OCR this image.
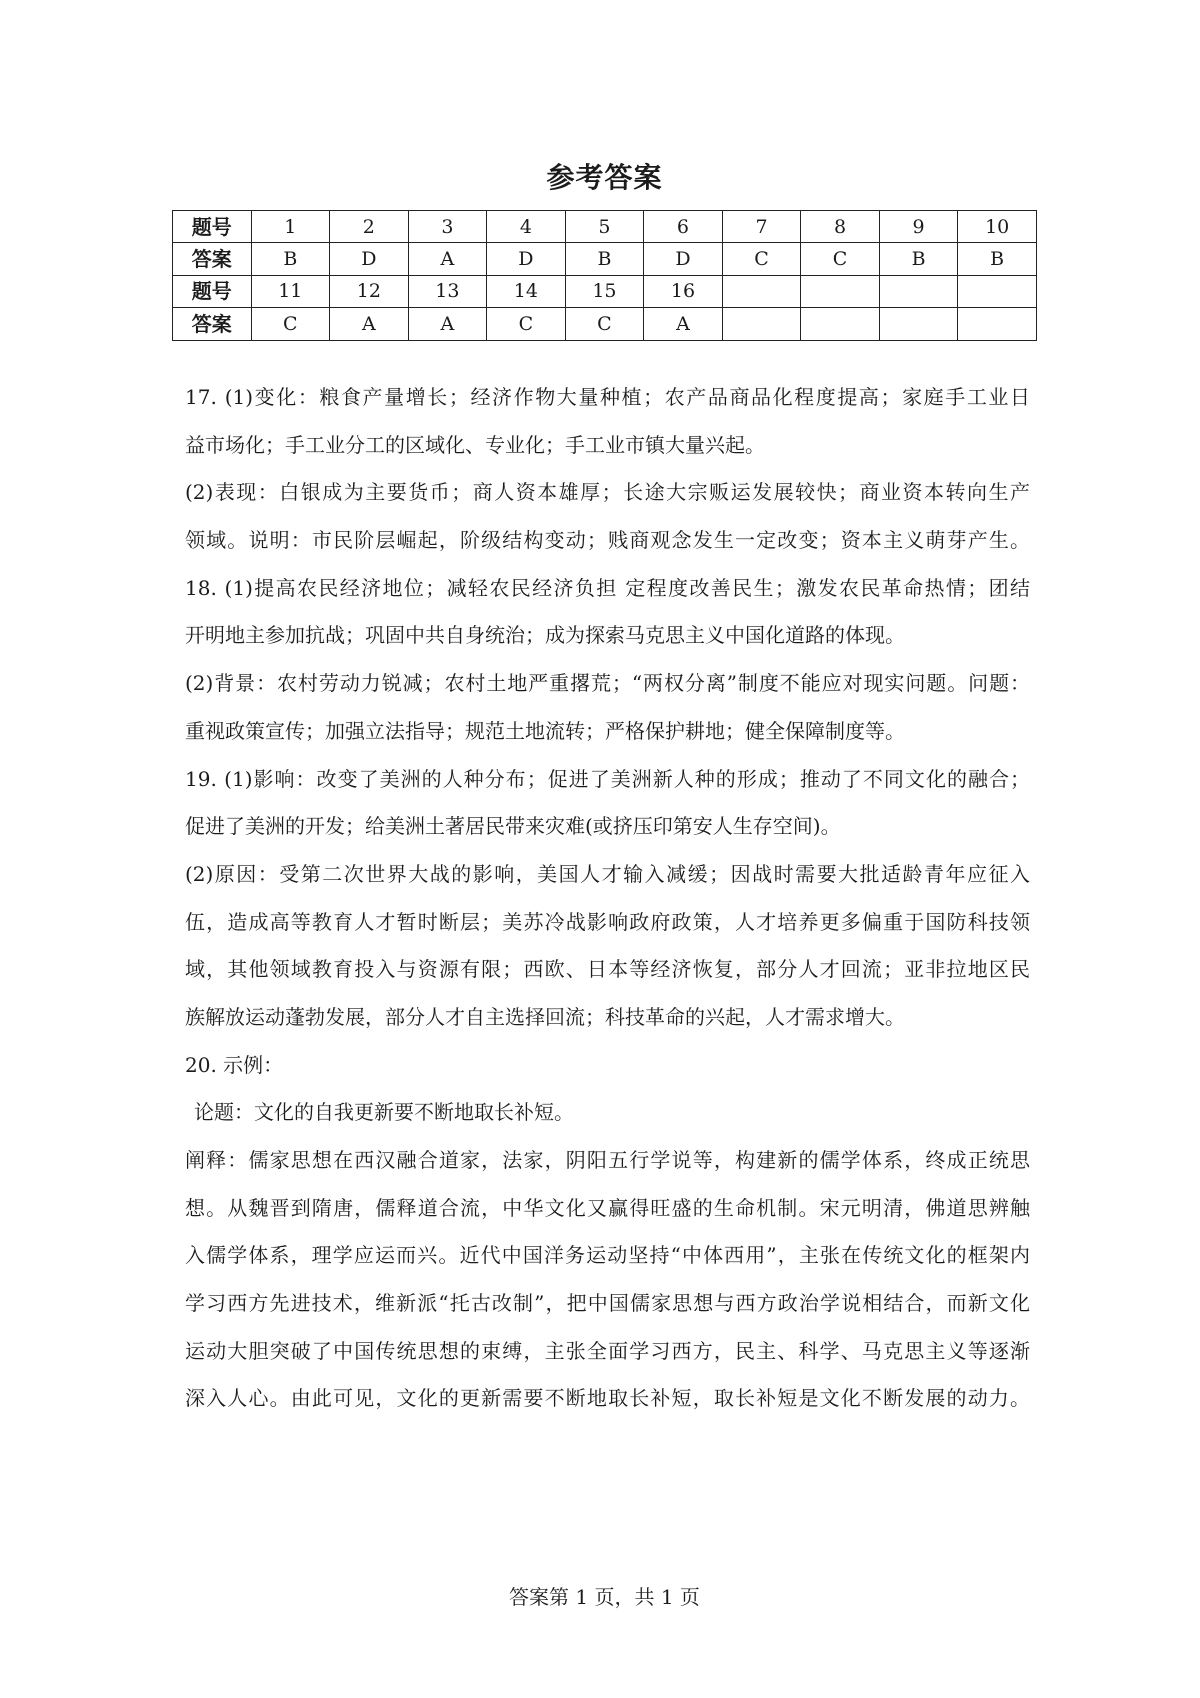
参考答案
题号	1	2	3	4	5	6	7	8	9	10
答案	B	D	A	D	B	D	C	C	B	B
题号	11	12	13	14	15	16				
答案	C	A	A	C	C	A				
17. (1)变化：粮食产量增长；经济作物大量种植；农产品商品化程度提高；家庭手工业日
益市场化；手工业分工的区域化、专业化；手工业市镇大量兴起。
(2)表现：白银成为主要货币；商人资本雄厚；长途大宗贩运发展较快；商业资本转向生产
领域。说明：市民阶层崛起，阶级结构变动；贱商观念发生一定改变；资本主义萌芽产生。
18. (1)提高农民经济地位；减轻农民经济负担 定程度改善民生；激发农民革命热情；团结
开明地主参加抗战；巩固中共自身统治；成为探索马克思主义中国化道路的体现。
(2)背景：农村劳动力锐减；农村土地严重撂荒；“两权分离”制度不能应对现实问题。问题：
重视政策宣传；加强立法指导；规范土地流转；严格保护耕地；健全保障制度等。
19. (1)影响：改变了美洲的人种分布；促进了美洲新人种的形成；推动了不同文化的融合；
促进了美洲的开发；给美洲土著居民带来灾难(或挤压印第安人生存空间)。
(2)原因：受第二次世界大战的影响，美国人才输入减缓；因战时需要大批适龄青年应征入
伍，造成高等教育人才暂时断层；美苏冷战影响政府政策，人才培养更多偏重于国防科技领
域，其他领域教育投入与资源有限；西欧、日本等经济恢复，部分人才回流；亚非拉地区民
族解放运动蓬勃发展，部分人才自主选择回流；科技革命的兴起，人才需求增大。
20. 示例：
论题：文化的自我更新要不断地取长补短。
阐释：儒家思想在西汉融合道家，法家，阴阳五行学说等，构建新的儒学体系，终成正统思
想。从魏晋到隋唐，儒释道合流，中华文化又赢得旺盛的生命机制。宋元明清，佛道思辨触
入儒学体系，理学应运而兴。近代中国洋务运动坚持“中体西用”，主张在传统文化的框架内
学习西方先进技术，维新派“托古改制”，把中国儒家思想与西方政治学说相结合，而新文化
运动大胆突破了中国传统思想的束缚，主张全面学习西方，民主、科学、马克思主义等逐渐
深入人心。由此可见，文化的更新需要不断地取长补短，取长补短是文化不断发展的动力。
答案第 1 页，共 1 页
